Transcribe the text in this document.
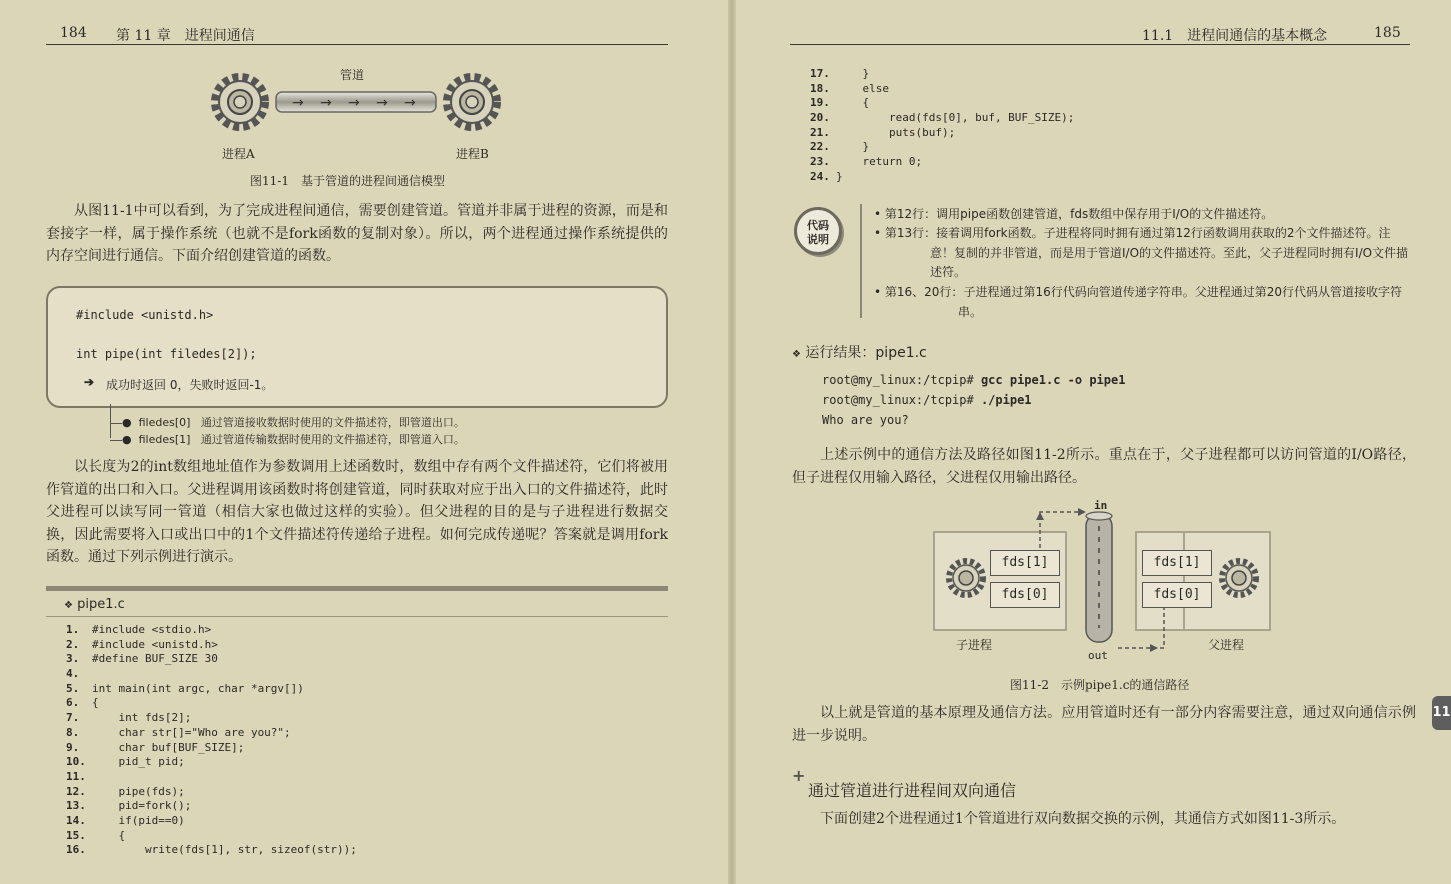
184 第 11 章　进程间通信
→ → → → →
管道
进程A	进程B
图11-1　基于管道的进程间通信模型
从图11-1中可以看到，为了完成进程间通信，需要创建管道。管道并非属于进程的资源，而是和套接字一样，属于操作系统（也就不是fork函数的复制对象）。所以，两个进程通过操作系统提供的内存空间进行通信。下面介绍创建管道的函数。
#include <unistd.h>
int pipe(int filedes[2]);
➔ 成功时返回 0，失败时返回-1。
●  filedes[0] 通过管道接收数据时使用的文件描述符，即管道出口。
●  filedes[1] 通过管道传输数据时使用的文件描述符，即管道入口。
以长度为2的int数组地址值作为参数调用上述函数时，数组中存有两个文件描述符，它们将被用作管道的出口和入口。父进程调用该函数时将创建管道，同时获取对应于出入口的文件描述符，此时父进程可以读写同一管道（相信大家也做过这样的实验）。但父进程的目的是与子进程进行数据交换，因此需要将入口或出口中的1个文件描述符传递给子进程。如何完成传递呢？答案就是调用fork函数。通过下列示例进行演示。
❖ pipe1.c
1. #include <stdio.h>
2. #include <unistd.h>
3. #define BUF_SIZE 30
4.
5. int main(int argc, char *argv[])
6. {
7.    int fds[2];
8.    char str[]="Who are you?";
9.    char buf[BUF_SIZE];
10.    pid_t pid;
11.
12.    pipe(fds);
13.    pid=fork();
14.    if(pid==0)
15.    {
16.        write(fds[1], str, sizeof(str));
11.1　进程间通信的基本概念	185
17.    }
18.    else
19.    {
20.        read(fds[0], buf, BUF_SIZE);
21.        puts(buf);
22.    }
23.    return 0;
24. }
代码
说明
• 第12行：调用pipe函数创建管道，fds数组中保存用于I/O的文件描述符。
• 第13行：接着调用fork函数。子进程将同时拥有通过第12行函数调用获取的2个文件描述符。注意！复制的并非管道，而是用于管道I/O的文件描述符。至此，父子进程同时拥有I/O文件描述符。
• 第16、20行：子进程通过第16行代码向管道传递字符串。父进程通过第20行代码从管道接收字符串。
❖ 运行结果：pipe1.c
root@my_linux:/tcpip# gcc pipe1.c -o pipe1
root@my_linux:/tcpip# ./pipe1
Who are you?
上述示例中的通信方法及路径如图11-2所示。重点在于，父子进程都可以访问管道的I/O路径，但子进程仅用输入路径，父进程仅用输出路径。
in
out
fds[1]
fds[0]
fds[1]
fds[0]
子进程	父进程
图11-2　示例pipe1.c的通信路径
以上就是管道的基本原理及通信方法。应用管道时还有一部分内容需要注意，通过双向通信示例进一步说明。
+
通过管道进行进程间双向通信
下面创建2个进程通过1个管道进行双向数据交换的示例，其通信方式如图11-3所示。
11
